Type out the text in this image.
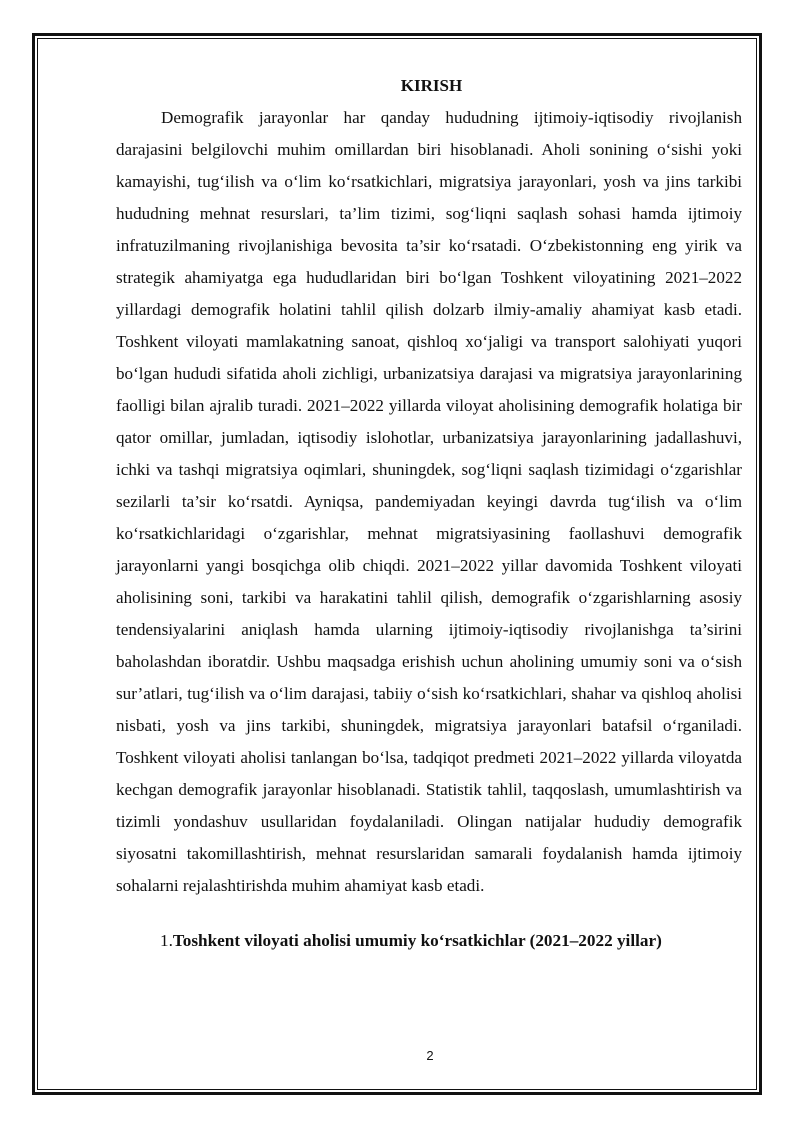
KIRISH

Demografik jarayonlar har qanday hududning ijtimoiy-iqtisodiy rivojlanish darajasini belgilovchi muhim omillardan biri hisoblanadi. Aholi sonining o‘sishi yoki kamayishi, tug‘ilish va o‘lim ko‘rsatkichlari, migratsiya jarayonlari, yosh va jins tarkibi hududning mehnat resurslari, ta’lim tizimi, sog‘liqni saqlash sohasi hamda ijtimoiy infratuzilmaning rivojlanishiga bevosita ta’sir ko‘rsatadi. O‘zbekistonning eng yirik va strategik ahamiyatga ega hududlaridan biri bo‘lgan Toshkent viloyatining 2021–2022 yillardagi demografik holatini tahlil qilish dolzarb ilmiy-amaliy ahamiyat kasb etadi. Toshkent viloyati mamlakatning sanoat, qishloq xo‘jaligi va transport salohiyati yuqori bo‘lgan hududi sifatida aholi zichligi, urbanizatsiya darajasi va migratsiya jarayonlarining faolligi bilan ajralib turadi. 2021–2022 yillarda viloyat aholisining demografik holatiga bir qator omillar, jumladan, iqtisodiy islohotlar, urbanizatsiya jarayonlarining jadallashuvi, ichki va tashqi migratsiya oqimlari, shuningdek, sog‘liqni saqlash tizimidagi o‘zgarishlar sezilarli ta’sir ko‘rsatdi. Ayniqsa, pandemiyadan keyingi davrda tug‘ilish va o‘lim ko‘rsatkichlaridagi o‘zgarishlar, mehnat migratsiyasining faollashuvi demografik jarayonlarni yangi bosqichga olib chiqdi. 2021–2022 yillar davomida Toshkent viloyati aholisining soni, tarkibi va harakatini tahlil qilish, demografik o‘zgarishlarning asosiy tendensiyalarini aniqlash hamda ularning ijtimoiy-iqtisodiy rivojlanishga ta’sirini baholashdan iboratdir. Ushbu maqsadga erishish uchun aholining umumiy soni va o‘sish sur’atlari, tug‘ilish va o‘lim darajasi, tabiiy o‘sish ko‘rsatkichlari, shahar va qishloq aholisi nisbati, yosh va jins tarkibi, shuningdek, migratsiya jarayonlari batafsil o‘rganiladi. Toshkent viloyati aholisi tanlangan bo‘lsa, tadqiqot predmeti 2021–2022 yillarda viloyatda kechgan demografik jarayonlar hisoblanadi. Statistik tahlil, taqqoslash, umumlashtirish va tizimli yondashuv usullaridan foydalaniladi. Olingan natijalar hududiy demografik siyosatni takomillashtirish, mehnat resurslaridan samarali foydalanish hamda ijtimoiy sohalarni rejalashtirishda muhim ahamiyat kasb etadi.

1.Toshkent viloyati aholisi umumiy ko‘rsatkichlar (2021–2022 yillar)
2
